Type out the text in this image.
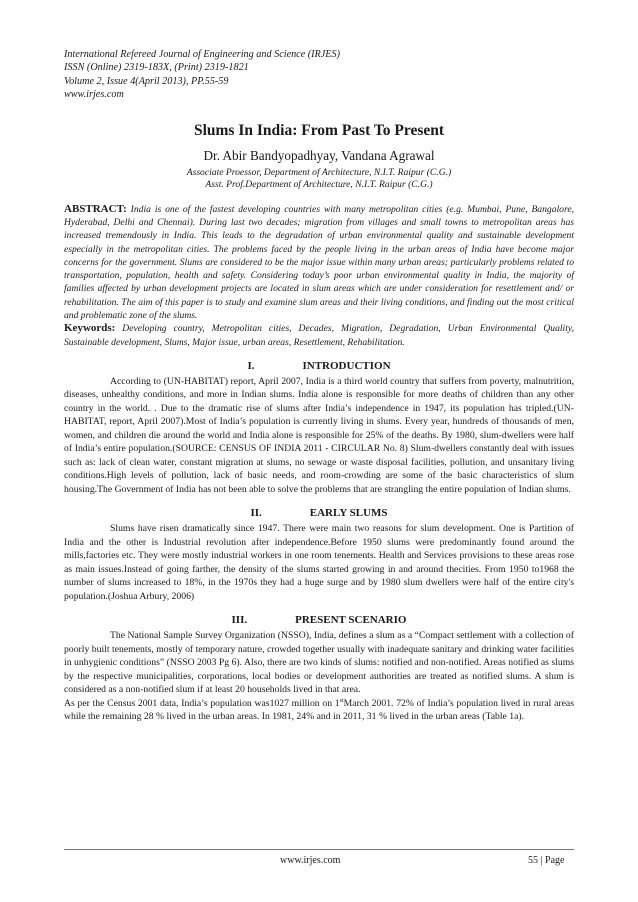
International Refereed Journal of Engineering and Science (IRJES)
ISSN (Online) 2319-183X, (Print) 2319-1821
Volume 2, Issue 4(April 2013), PP.55-59
www.irjes.com
Slums In India: From Past To Present
Dr. Abir Bandyopadhyay, Vandana Agrawal
Associate Proessor, Department of Architecture, N.I.T. Raipur (C.G.)
Asst. Prof.Department of Architecture, N.I.T. Raipur (C.G.)
ABSTRACT: India is one of the fastest developing countries with many metropolitan cities (e.g. Mumbai, Pune, Bangalore, Hyderabad, Delhi and Chennai). During last two decades; migration from villages and small towns to metropolitan areas has increased tremendously in India. This leads to the degradation of urban environmental quality and sustainable development especially in the metropolitan cities. The problems faced by the people living in the urban areas of India have become major concerns for the government. Slums are considered to be the major issue within many urban areas; particularly problems related to transportation, population, health and safety. Considering today’s poor urban environmental quality in India, the majority of families affected by urban development projects are located in slum areas which are under consideration for resettlement and/ or rehabilitation. The aim of this paper is to study and examine slum areas and their living conditions, and finding out the most critical and problematic zone of the slums.
Keywords: Developing country, Metropolitan cities, Decades, Migration, Degradation, Urban Environmental Quality, Sustainable development, Slums, Major issue, urban areas, Resettlement, Rehabilitation.
I.	INTRODUCTION

According to (UN-HABITAT) report, April 2007, India is a third world country that suffers from poverty, malnutrition, diseases, unhealthy conditions, and more in Indian slums. India alone is responsible for more deaths of children than any other country in the world. . Due to the dramatic rise of slums after India’s independence in 1947, its population has tripled.(UN-HABITAT, report, April 2007).Most of India’s population is currently living in slums. Every year, hundreds of thousands of men, women, and children die around the world and India alone is responsible for 25% of the deaths. By 1980, slum-dwellers were half of India’s entire population.(SOURCE: CENSUS OF INDIA 2011 - CIRCULAR No. 8) Slum-dwellers constantly deal with issues such as: lack of clean water, constant migration at slums, no sewage or waste disposal facilities, pollution, and unsanitary living conditions.High levels of pollution, lack of basic needs, and room-crowding are some of the basic characteristics of slum housing.The Government of India has not been able to solve the problems that are strangling the entire population of Indian slums.

II.	EARLY SLUMS

Slums have risen dramatically since 1947. There were main two reasons for slum development. One is Partition of India and the other is Industrial revolution after independence.Before 1950 slums were predominantly found around the mills,factories etc. They were mostly industrial workers in one room tenements. Health and Services provisions to these areas rose as main issues.Instead of going farther, the density of the slums started growing in and around thecities. From 1950 to1968 the number of slums increased to 18%, in the 1970s they had a huge surge and by 1980 slum dwellers were half of the entire city's population.(Joshua Arbury, 2006)

III.	PRESENT SCENARIO

The National Sample Survey Organization (NSSO), India, defines a slum as a “Compact settlement with a collection of poorly built tenements, mostly of temporary nature, crowded together usually with inadequate sanitary and drinking water facilities in unhygienic conditions” (NSSO 2003 Pg 6). Also, there are two kinds of slums: notified and non-notified. Areas notified as slums by the respective municipalities, corporations, local bodies or development authorities are treated as notified slums. A slum is considered as a non-notified slum if at least 20 households lived in that area.

As per the Census 2001 data, India’s population was1027 million on 1stMarch 2001. 72% of India’s population lived in rural areas while the remaining 28 % lived in the urban areas. In 1981, 24% and in 2011, 31 % lived in the urban areas (Table 1a).

www.irjes.com	55 | Page
